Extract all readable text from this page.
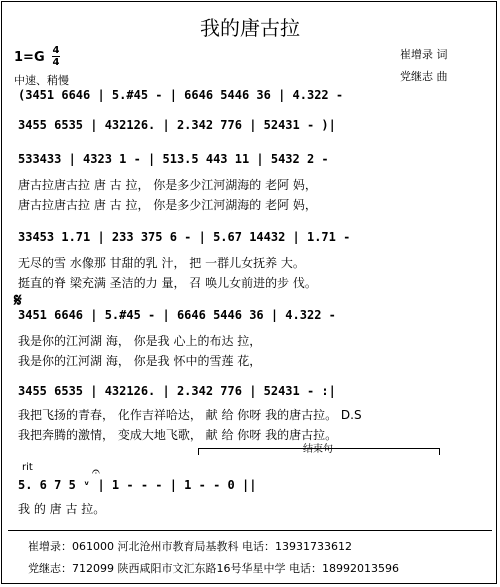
我的唐古拉
1=G 4
4
中速、稍慢
崔增录 词
党继志 曲
𝄋
(3451 6646 | 5.#45 - | 6646 5446 36 | 4.322 -
3455 6535 | 432126. | 2.342 776 | 52431 - )|
533433 | 4323 1 - | 513.5 443 11 | 5432 2 -
唐古拉唐古拉 唐 古 拉， 你是多少江河湖海的 老阿 妈，
唐古拉唐古拉 唐 古 拉， 你是多少江河湖海的 老阿 妈，
33453 1.71 | 233 375 6 - | 5.67 14432 | 1.71 -
无尽的雪 水像那 甘甜的乳 汁， 把 一群儿女抚养 大。
挺直的脊 梁充满 圣洁的力 量， 召 唤儿女前进的步 伐。
3451 6646 | 5.#45 - | 6646 5446 36 | 4.322 -
我是你的江河湖 海， 你是我 心上的布达 拉，
我是你的江河湖 海， 你是我 怀中的雪莲 花，
3455 6535 | 432126. | 2.342 776 | 52431 - :|
我把飞扬的青春， 化作吉祥哈达， 献 给 你呀 我的唐古拉。 D.S
我把奔腾的激情， 变成大地飞歌， 献 给 你呀 我的唐古拉。
5. 6 7 5 ᵛ | 1 - - - | 1 - - 0 ||
我 的 唐 古 拉。
rit	𝄐
结束句
崔增录：061000 河北沧州市教育局基教科 电话：13931733612
党继志：712099 陕西咸阳市文汇东路16号华星中学 电话：18992013596
